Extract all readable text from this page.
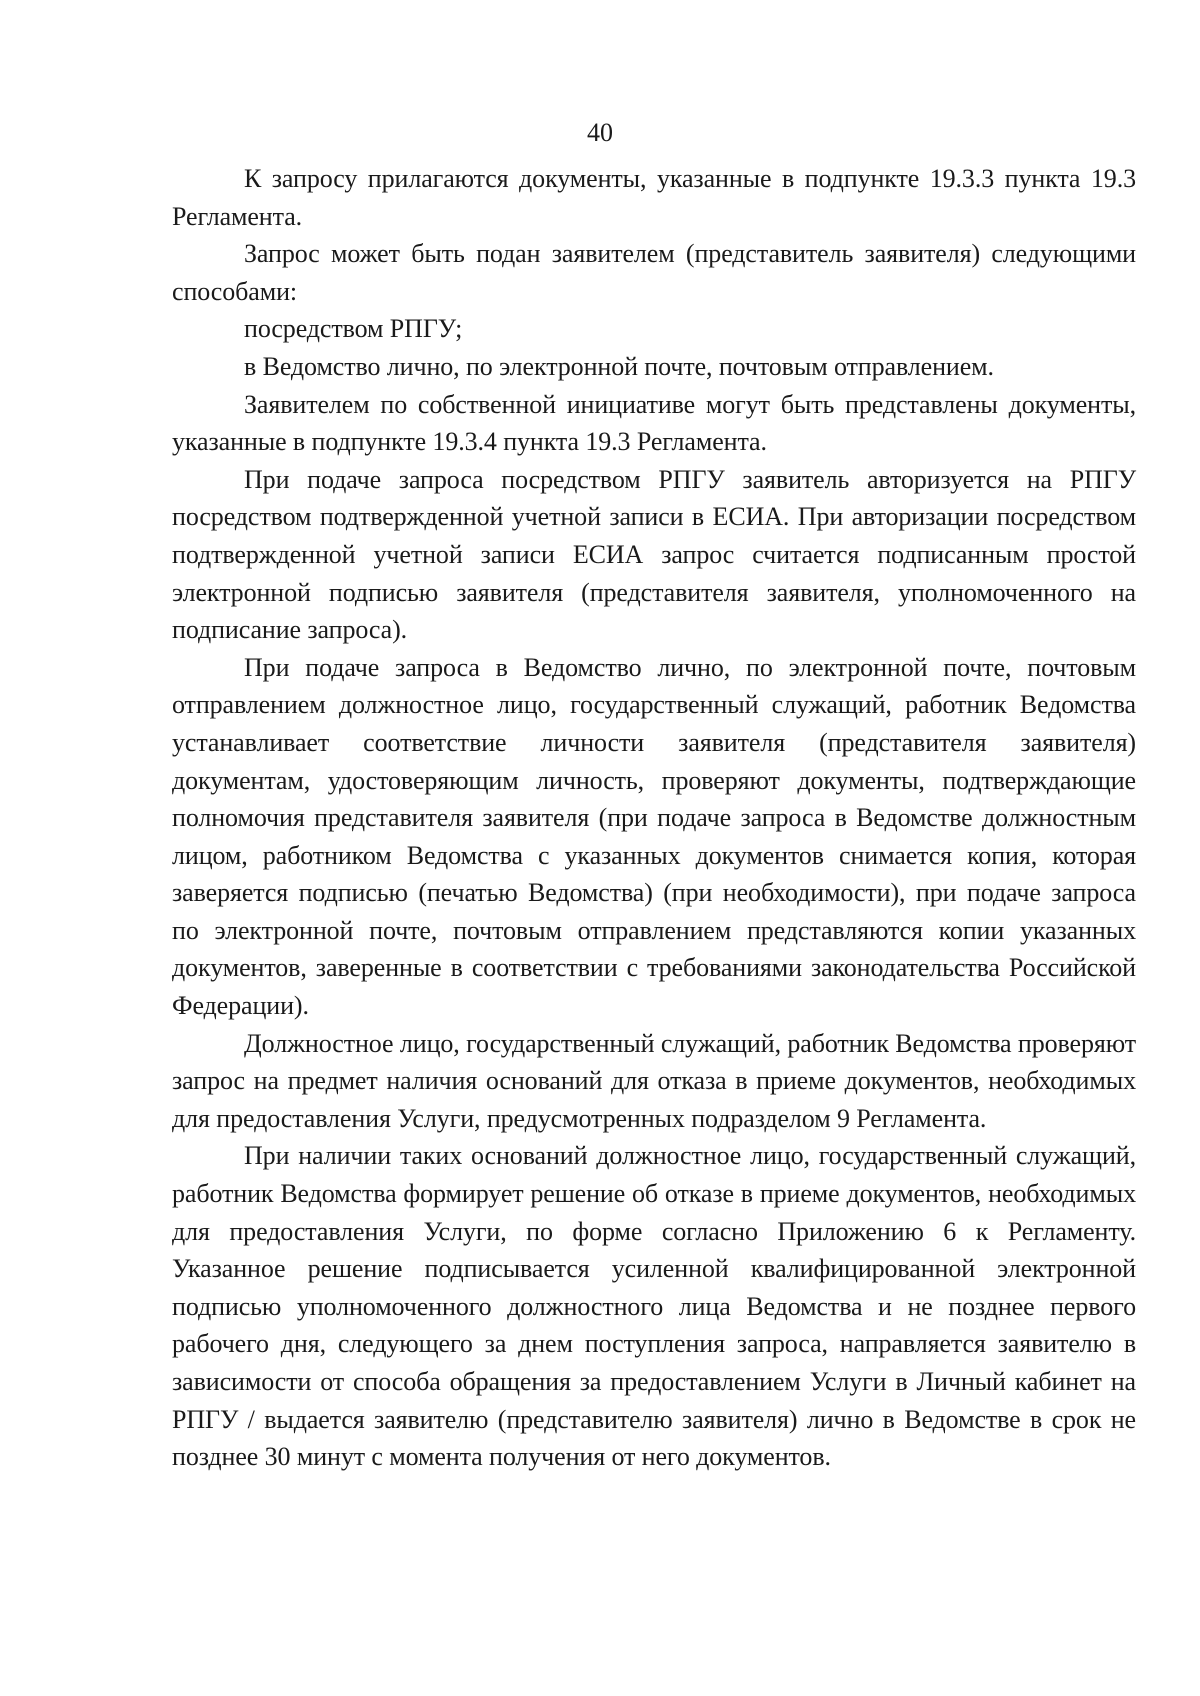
40

К запросу прилагаются документы, указанные в подпункте 19.3.3 пункта 19.3 Регламента.

Запрос может быть подан заявителем (представитель заявителя) следующими способами:

посредством РПГУ;

в Ведомство лично, по электронной почте, почтовым отправлением.

Заявителем по собственной инициативе могут быть представлены документы, указанные в подпункте 19.3.4 пункта 19.3 Регламента.

При подаче запроса посредством РПГУ заявитель авторизуется на РПГУ посредством подтвержденной учетной записи в ЕСИА. При авторизации посредством подтвержденной учетной записи ЕСИА запрос считается подписанным простой электронной подписью заявителя (представителя заявителя, уполномоченного на подписание запроса).

При подаче запроса в Ведомство лично, по электронной почте, почтовым отправлением должностное лицо, государственный служащий, работник Ведомства устанавливает соответствие личности заявителя (представителя заявителя) документам, удостоверяющим личность, проверяют документы, подтверждающие полномочия представителя заявителя (при подаче запроса в Ведомстве должностным лицом, работником Ведомства с указанных документов снимается копия, которая заверяется подписью (печатью Ведомства) (при необходимости), при подаче запроса по электронной почте, почтовым отправлением представляются копии указанных документов, заверенные в соответствии с требованиями законодательства Российской Федерации).

Должностное лицо, государственный служащий, работник Ведомства проверяют запрос на предмет наличия оснований для отказа в приеме документов, необходимых для предоставления Услуги, предусмотренных подразделом 9 Регламента.

При наличии таких оснований должностное лицо, государственный служащий, работник Ведомства формирует решение об отказе в приеме документов, необходимых для предоставления Услуги, по форме согласно Приложению 6 к Регламенту. Указанное решение подписывается усиленной квалифицированной электронной подписью уполномоченного должностного лица Ведомства и не позднее первого рабочего дня, следующего за днем поступления запроса, направляется заявителю в зависимости от способа обращения за предоставлением Услуги в Личный кабинет на РПГУ / выдается заявителю (представителю заявителя) лично в Ведомстве в срок не позднее 30 минут с момента получения от него документов.
